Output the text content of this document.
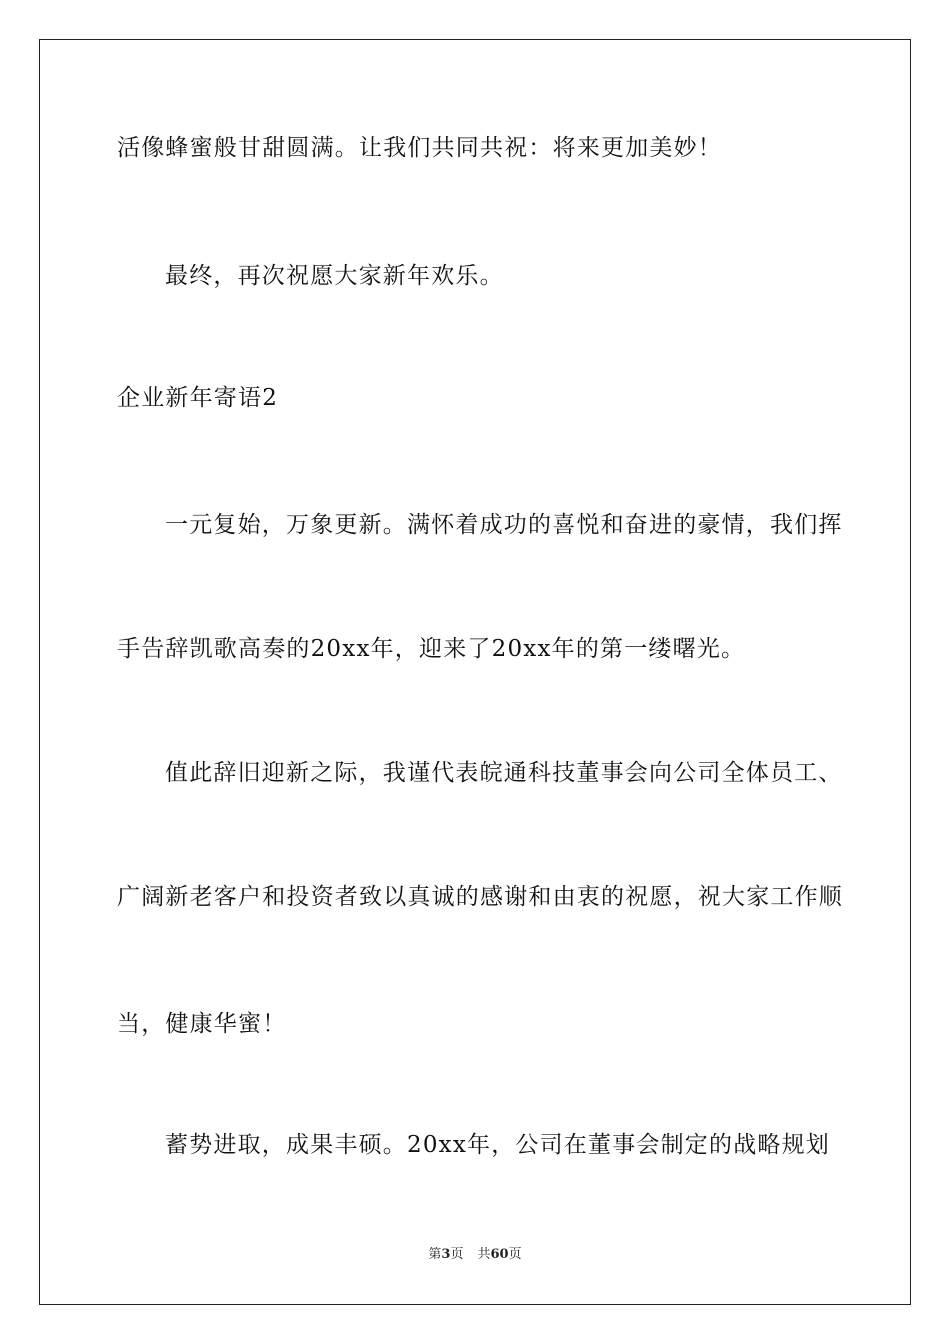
活像蜂蜜般甘甜圆满。让我们共同共祝：将来更加美妙！
最终，再次祝愿大家新年欢乐。
企业新年寄语2
一元复始，万象更新。满怀着成功的喜悦和奋进的豪情，我们挥
手告辞凯歌高奏的20xx年，迎来了20xx年的第一缕曙光。
值此辞旧迎新之际，我谨代表皖通科技董事会向公司全体员工、
广阔新老客户和投资者致以真诚的感谢和由衷的祝愿，祝大家工作顺
当，健康华蜜！
蓄势进取，成果丰硕。20xx年，公司在董事会制定的战略规划
第3页 共60页
